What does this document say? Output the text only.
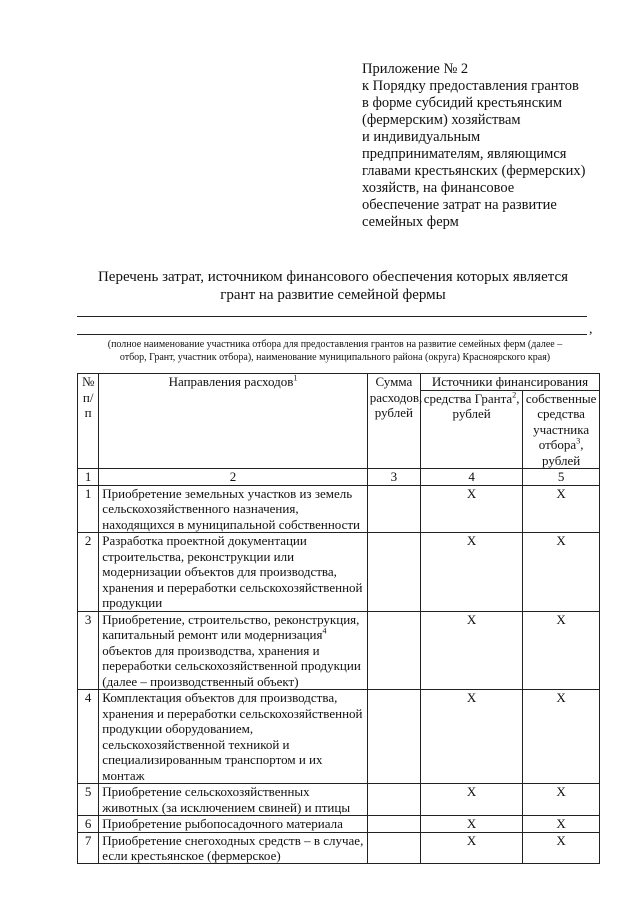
Приложение № 2
к Порядку предоставления грантов
в форме субсидий крестьянским
(фермерским) хозяйствам
и индивидуальным
предпринимателям, являющимся
главами крестьянских (фермерских)
хозяйств, на финансовое
обеспечение затрат на развитие
семейных ферм
Перечень затрат, источником финансового обеспечения которых является
грант на развитие семейной фермы
,
(полное наименование участника отбора для предоставления грантов на развитие семейных ферм (далее –
отбор, Грант, участник отбора), наименование муниципального района (округа) Красноярского края)
№ п/п	Направления расходов$^1$	Сумма расходов, рублей	Источники финансирования	
			средства Гранта$^2$, рублей	собственные средства участника отбора$^3$, рублей
1	2	3	4	5
1	Приобретение земельных участков из земель сельскохозяйственного назначения, находящихся в муниципальной собственности		X	X
2	Разработка проектной документации строительства, реконструкции или модернизации объектов для производства, хранения и переработки сельскохозяйственной продукции		X	X
3	Приобретение, строительство, реконструкция, капитальный ремонт или модернизация$^4$ объектов для производства, хранения и переработки сельскохозяйственной продукции (далее – производственный объект)		X	X
4	Комплектация объектов для производства, хранения и переработки сельскохозяйственной продукции оборудованием, сельскохозяйственной техникой и специализированным транспортом и их монтаж		X	X
5	Приобретение сельскохозяйственных животных (за исключением свиней) и птицы		X	X
6	Приобретение рыбопосадочного материала		X	X
7	Приобретение снегоходных средств – в случае, если крестьянское (фермерское)		X	X
